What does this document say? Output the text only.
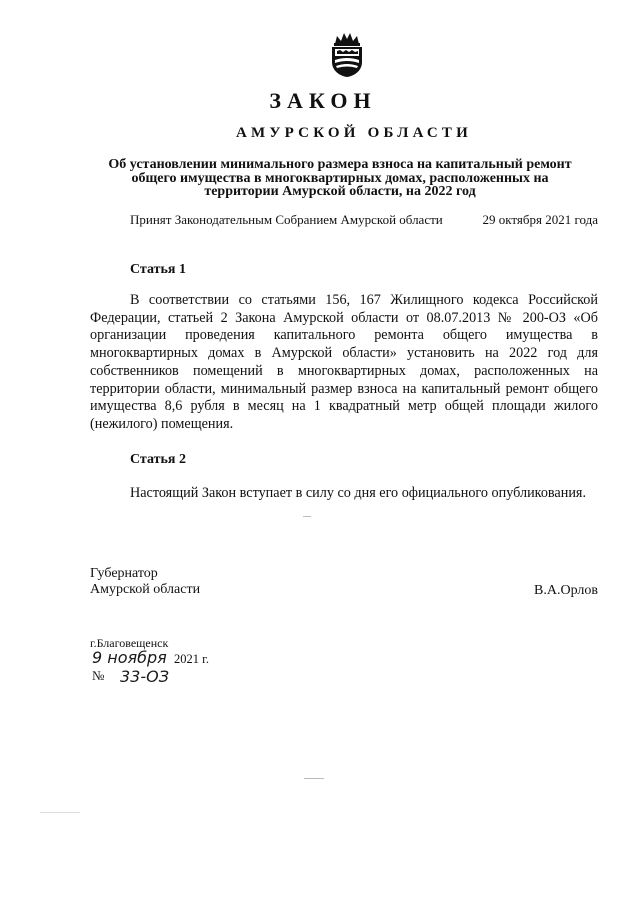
ЗАКОН
АМУРСКОЙ ОБЛАСТИ
Об установлении минимального размера взноса на капитальный ремонт
общего имущества в многоквартирных домах, расположенных на
территории Амурской области, на 2022 год
Принят Законодательным Собранием Амурской области	29 октября 2021 года
Статья 1
В соответствии со статьями 156, 167 Жилищного кодекса Российской Федерации, статьей 2 Закона Амурской области от 08.07.2013 № 200-ОЗ «Об организации проведения капитального ремонта общего имущества в многоквартирных домах в Амурской области» установить на 2022 год для собственников помещений в многоквартирных домах, расположенных на территории области, минимальный размер взноса на капитальный ремонт общего имущества 8,6 рубля в месяц на 1 квадратный метр общей площади жилого (нежилого) помещения.
Статья 2
Настоящий Закон вступает в силу со дня его официального опубликования.
Губернатор
Амурской области	В.А.Орлов
г.Благовещенск
9 ноября 2021 г.
№ 33-ОЗ
